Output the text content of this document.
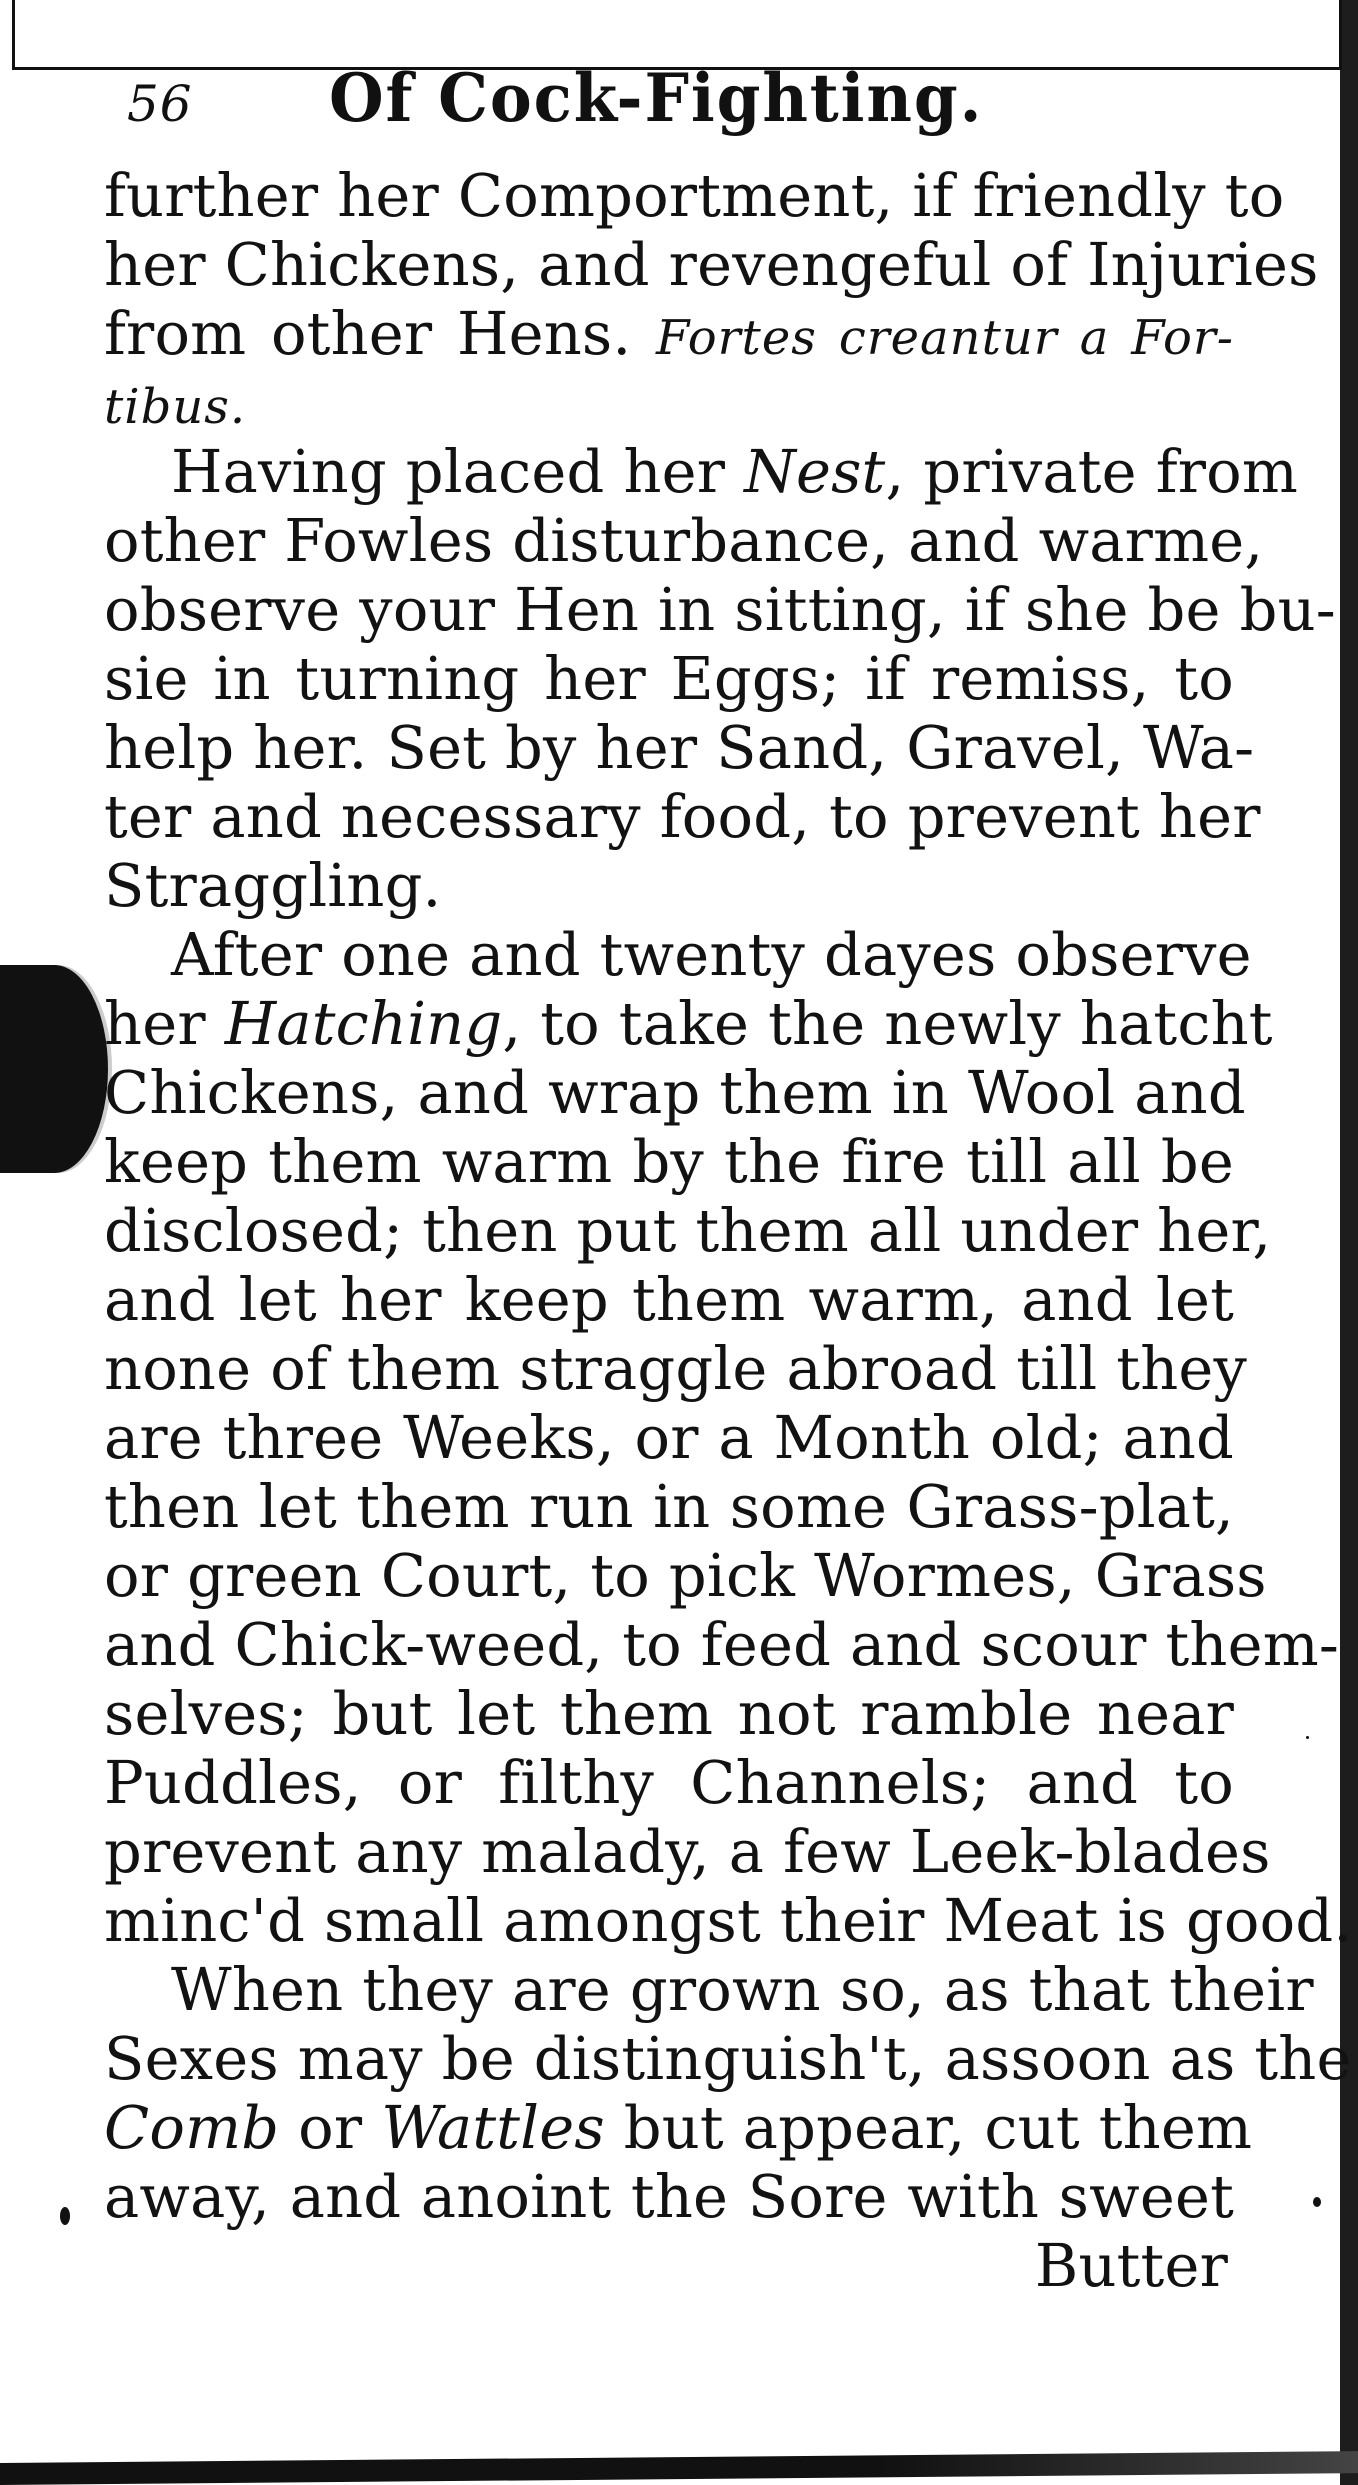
56 Of Cock-Fighting.
further her Comportment, if friendly to
her Chickens, and revengeful of Injuries
from other Hens. Fortes creantur a For-
tibus.
Having placed her Nest, private from
other Fowles disturbance, and warme,
observe your Hen in sitting, if she be bu-
sie in turning her Eggs; if remiss, to
help her. Set by her Sand, Gravel, Wa-
ter and necessary food, to prevent her
Straggling.
After one and twenty dayes observe
her Hatching, to take the newly hatcht
Chickens, and wrap them in Wool and
keep them warm by the fire till all be
disclosed; then put them all under her,
and let her keep them warm, and let
none of them straggle abroad till they
are three Weeks, or a Month old; and
then let them run in some Grass-plat,
or green Court, to pick Wormes, Grass
and Chick-weed, to feed and scour them-
selves; but let them not ramble near
Puddles, or filthy Channels; and to
prevent any malady, a few Leek-blades
minc'd small amongst their Meat is good.
When they are grown so, as that their
Sexes may be distinguish't, assoon as the
Comb or Wattles but appear, cut them
away, and anoint the Sore with sweet
Butter
